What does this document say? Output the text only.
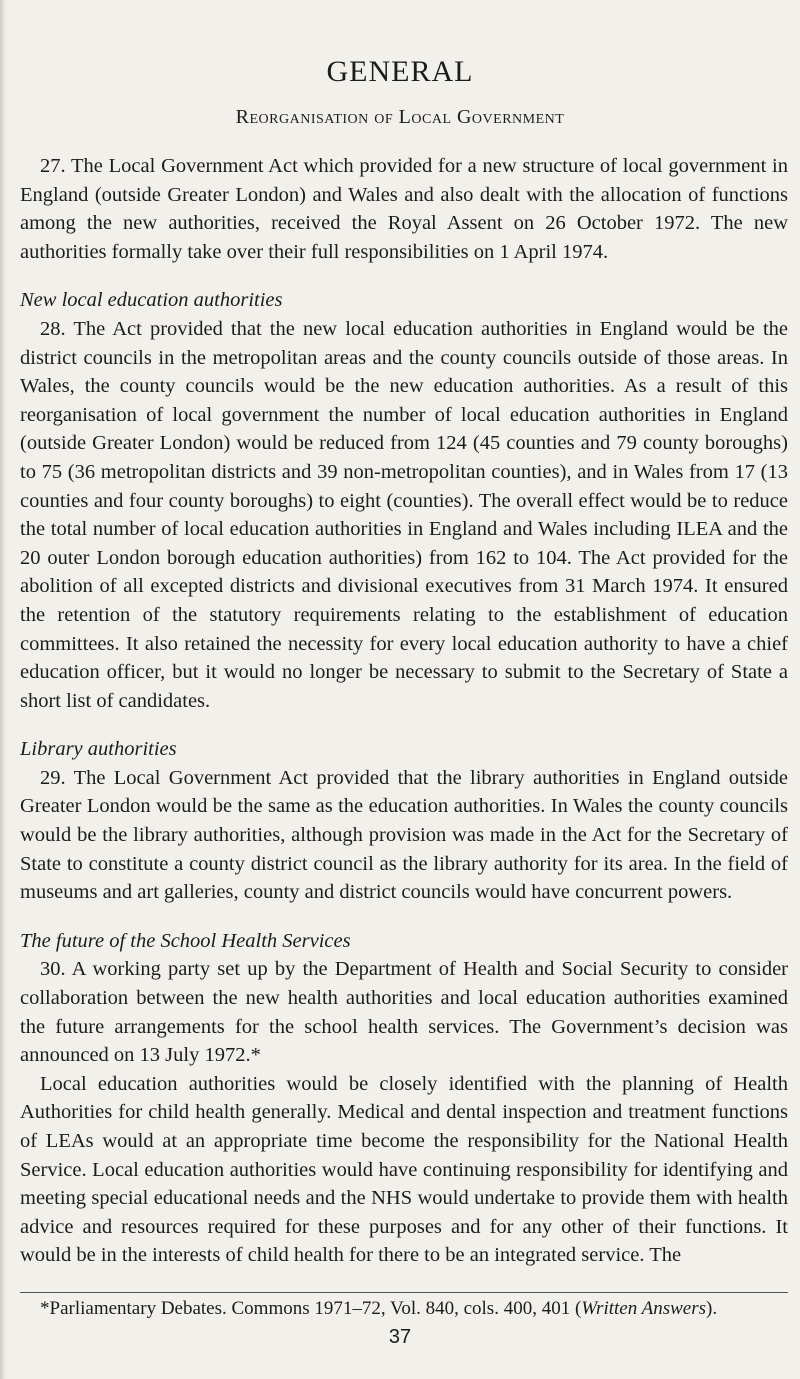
GENERAL
Reorganisation of Local Government

27. The Local Government Act which provided for a new structure of local government in England (outside Greater London) and Wales and also dealt with the allocation of functions among the new authorities, received the Royal Assent on 26 October 1972. The new authorities formally take over their full responsibilities on 1 April 1974.

New local education authorities

28. The Act provided that the new local education authorities in England would be the district councils in the metropolitan areas and the county councils outside of those areas. In Wales, the county councils would be the new education authorities. As a result of this reorganisation of local government the number of local education authorities in England (outside Greater London) would be reduced from 124 (45 counties and 79 county boroughs) to 75 (36 metropolitan districts and 39 non-metropolitan counties), and in Wales from 17 (13 counties and four county boroughs) to eight (counties). The overall effect would be to reduce the total number of local education authorities in England and Wales including ILEA and the 20 outer London borough education authorities) from 162 to 104. The Act provided for the abolition of all excepted districts and divisional executives from 31 March 1974. It ensured the retention of the statutory requirements relating to the establishment of education committees. It also retained the necessity for every local education authority to have a chief education officer, but it would no longer be necessary to submit to the Secretary of State a short list of candidates.

Library authorities

29. The Local Government Act provided that the library authorities in England outside Greater London would be the same as the education authorities. In Wales the county councils would be the library authorities, although provision was made in the Act for the Secretary of State to constitute a county district council as the library authority for its area. In the field of museums and art galleries, county and district councils would have concurrent powers.

The future of the School Health Services

30. A working party set up by the Department of Health and Social Security to consider collaboration between the new health authorities and local education authorities examined the future arrangements for the school health services. The Government’s decision was announced on 13 July 1972.*

Local education authorities would be closely identified with the planning of Health Authorities for child health generally. Medical and dental inspection and treatment functions of LEAs would at an appropriate time become the responsibility for the National Health Service. Local education authorities would have continuing responsibility for identifying and meeting special educational needs and the NHS would undertake to provide them with health advice and resources required for these purposes and for any other of their functions. It would be in the interests of child health for there to be an integrated service. The

*Parliamentary Debates. Commons 1971–72, Vol. 840, cols. 400, 401 (Written Answers).
37
